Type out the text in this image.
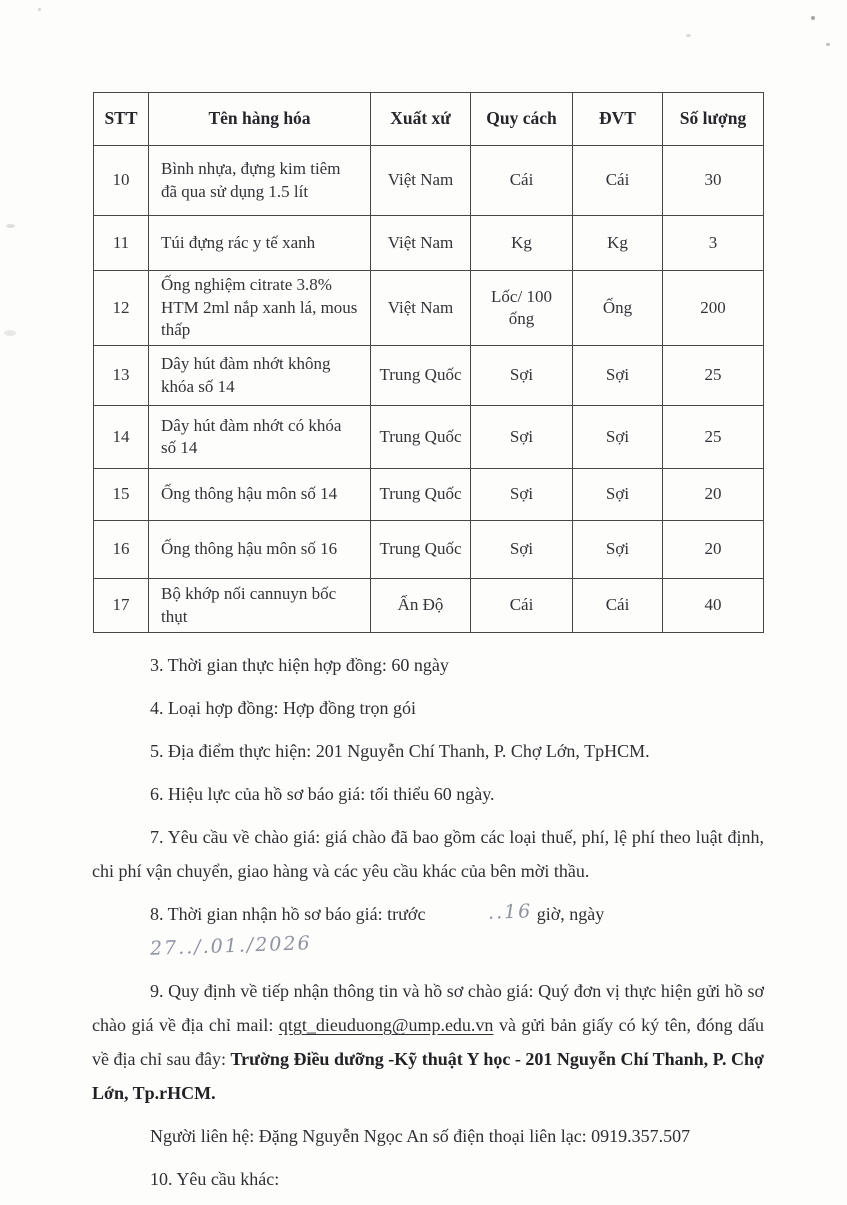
STT	Tên hàng hóa	Xuất xứ	Quy cách	ĐVT	Số lượng
10	Bình nhựa, đựng kim tiêm đã qua sử dụng 1.5 lít	Việt Nam	Cái	Cái	30
11	Túi đựng rác y tế xanh	Việt Nam	Kg	Kg	3
12	Ống nghiệm citrate 3.8% HTM 2ml nắp xanh lá, mous thấp	Việt Nam	Lốc/ 100 ống	Ống	200
13	Dây hút đàm nhớt không khóa số 14	Trung Quốc	Sợi	Sợi	25
14	Dây hút đàm nhớt có khóa số 14	Trung Quốc	Sợi	Sợi	25
15	Ống thông hậu môn số 14	Trung Quốc	Sợi	Sợi	20
16	Ống thông hậu môn số 16	Trung Quốc	Sợi	Sợi	20
17	Bộ khớp nối cannuyn bốc thụt	Ấn Độ	Cái	Cái	40

3. Thời gian thực hiện hợp đồng: 60 ngày

4. Loại hợp đồng: Hợp đồng trọn gói

5. Địa điểm thực hiện: 201 Nguyễn Chí Thanh, P. Chợ Lớn, TpHCM.

6. Hiệu lực của hồ sơ báo giá: tối thiểu 60 ngày.

7. Yêu cầu về chào giá: giá chào đã bao gồm các loại thuế, phí, lệ phí theo luật định, chi phí vận chuyển, giao hàng và các yêu cầu khác của bên mời thầu.

8. Thời gian nhận hồ sơ báo giá: trước	..16 giờ, ngày27../.01./2026

9. Quy định về tiếp nhận thông tin và hồ sơ chào giá: Quý đơn vị thực hiện gửi hồ sơ chào giá về địa chỉ mail: qtgt_dieuduong@ump.edu.vn và gửi bản giấy có ký tên, đóng dấu về địa chỉ sau đây: Trường Điều dưỡng -Kỹ thuật Y học - 201 Nguyễn Chí Thanh, P. Chợ Lớn, Tp.rHCM.

Người liên hệ: Đặng Nguyễn Ngọc An số điện thoại liên lạc: 0919.357.507

10. Yêu cầu khác:
